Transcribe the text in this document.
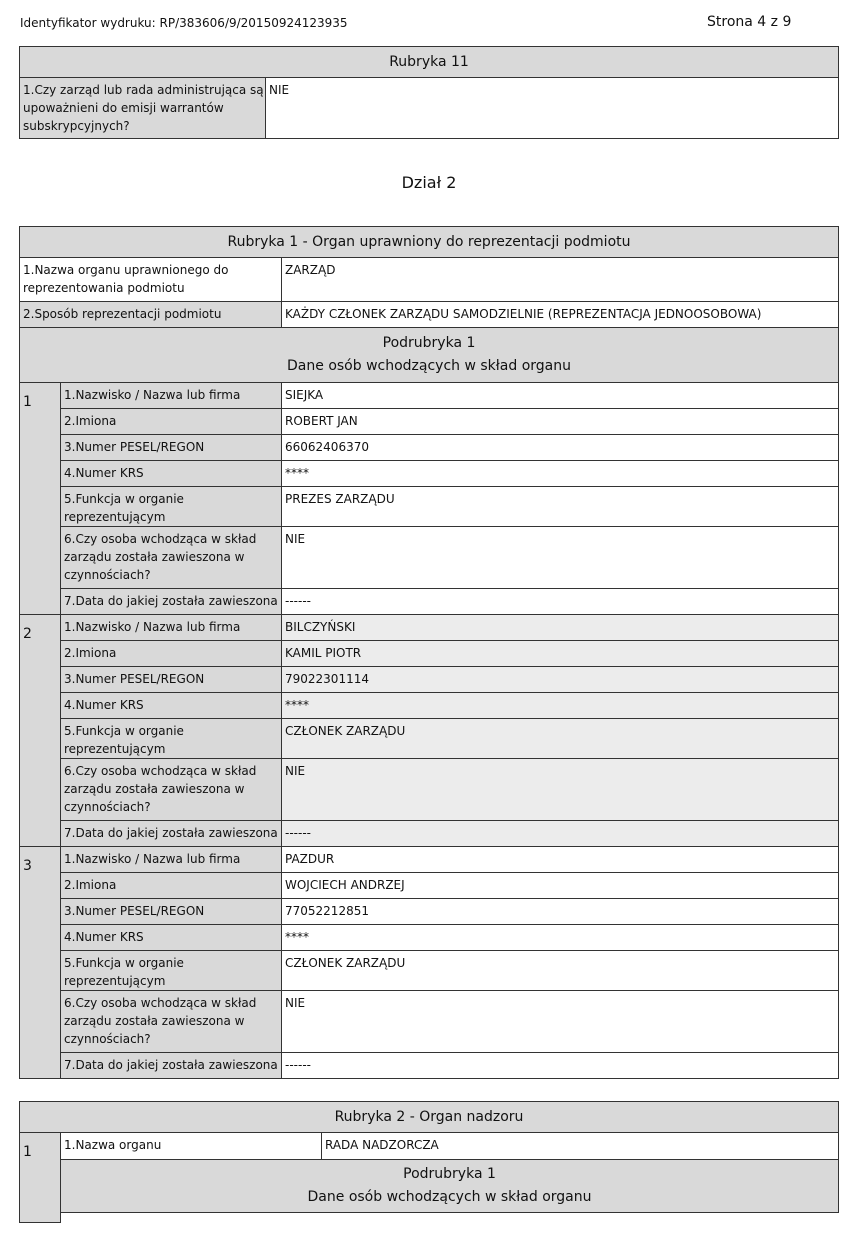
Identyfikator wydruku: RP/383606/9/20150924123935	Strona 4 z 9
Rubryka 11
1.Czy zarząd lub rada administrująca są upoważnieni do emisji warrantów subskrypcyjnych?	NIE
Dział 2
Rubryka 1 - Organ uprawniony do reprezentacji podmiotu		
1.Nazwa organu uprawnionego do reprezentowania podmiotu		ZARZĄD
2.Sposób reprezentacji podmiotu		KAŻDY CZŁONEK ZARZĄDU SAMODZIELNIE (REPREZENTACJA JEDNOOSOBOWA)

Podrubryka 1
Dane osób wchodzących w skład organu		

1	1.Nazwisko / Nazwa lub firma	SIEJKA
	2.Imiona	ROBERT JAN
	3.Numer PESEL/REGON	66062406370
	4.Numer KRS	****
	5.Funkcja w organie reprezentującym	PREZES ZARZĄDU
	6.Czy osoba wchodząca w skład zarządu została zawieszona w czynnościach?	NIE
	7.Data do jakiej została zawieszona	------
2	1.Nazwisko / Nazwa lub firma	BILCZYŃSKI
	2.Imiona	KAMIL PIOTR
	3.Numer PESEL/REGON	79022301114
	4.Numer KRS	****
	5.Funkcja w organie reprezentującym	CZŁONEK ZARZĄDU
	6.Czy osoba wchodząca w skład zarządu została zawieszona w czynnościach?	NIE
	7.Data do jakiej została zawieszona	------
3	1.Nazwisko / Nazwa lub firma	PAZDUR
	2.Imiona	WOJCIECH ANDRZEJ
	3.Numer PESEL/REGON	77052212851
	4.Numer KRS	****
	5.Funkcja w organie reprezentującym	CZŁONEK ZARZĄDU
	6.Czy osoba wchodząca w skład zarządu została zawieszona w czynnościach?	NIE
	7.Data do jakiej została zawieszona	------
Rubryka 2 - Organ nadzoru
1	1.Nazwa organu	RADA NADZORCZA

Podrubryka 1
Dane osób wchodzących w skład organu
